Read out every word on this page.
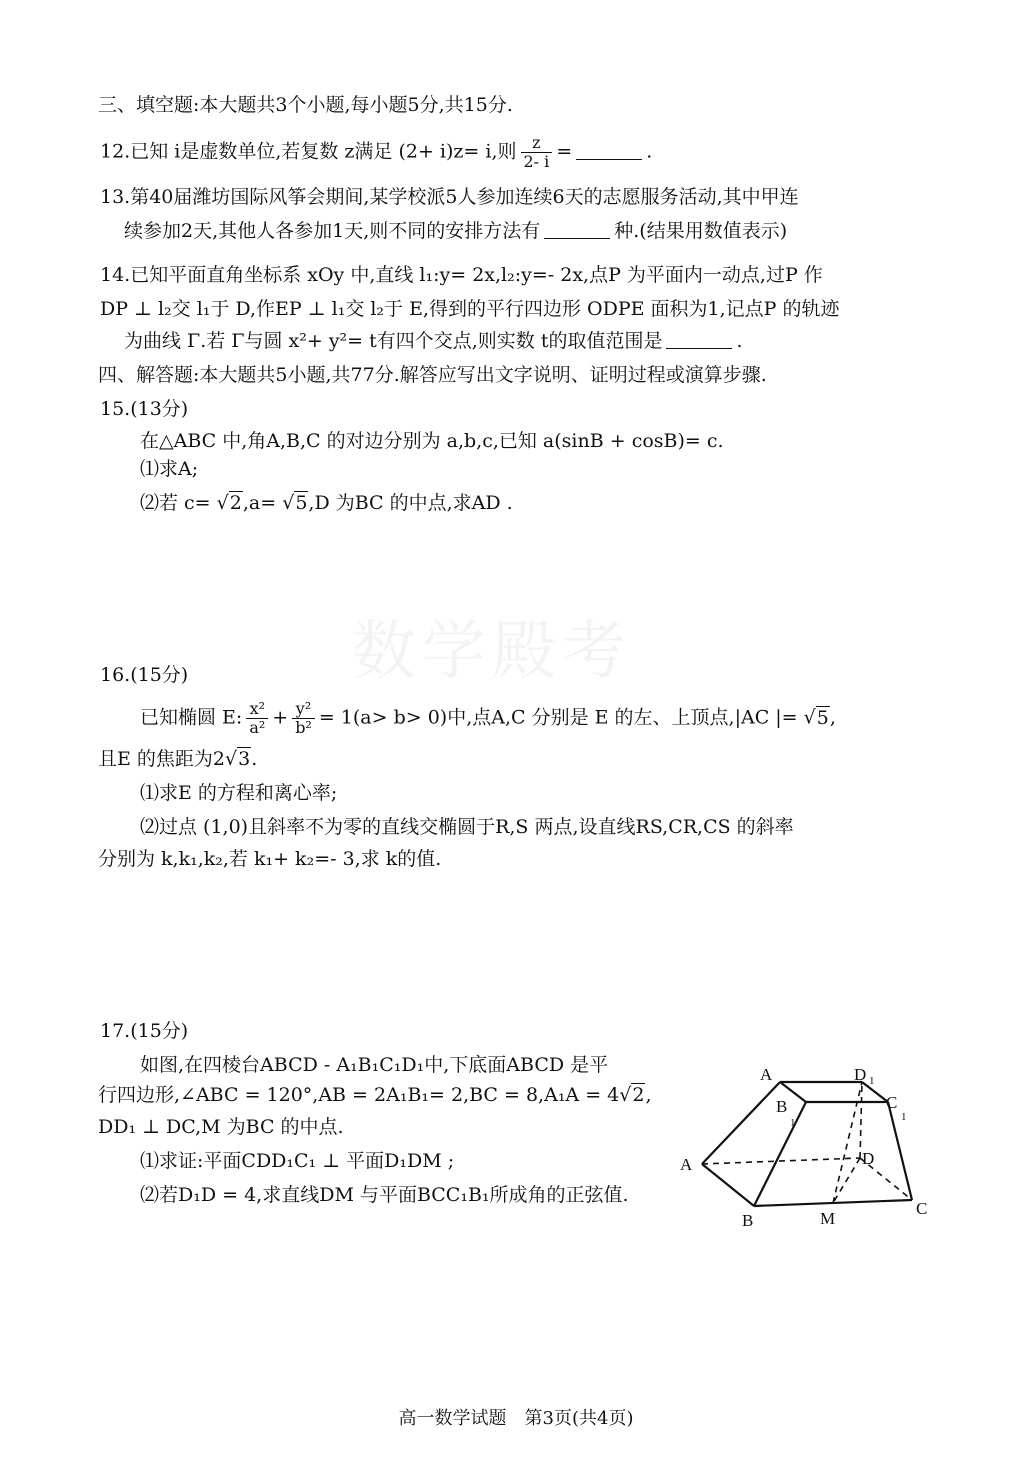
数学殿考
三、填空题:本大题共3个小题,每小题5分,共15分.
12.已知 i是虚数单位,若复数 z满足 (2+ i)z= i,则 $\frac{z}{2- i}$ =	.
13.第40届潍坊国际风筝会期间,某学校派5人参加连续6天的志愿服务活动,其中甲连
续参加2天,其他人各参加1天,则不同的安排方法有	种.(结果用数值表示)
14.已知平面直角坐标系 xOy 中,直线 l₁:y= 2x,l₂:y=- 2x,点P 为平面内一动点,过P 作
DP ⊥ l₂交 l₁于 D,作EP ⊥ l₁交 l₂于 E,得到的平行四边形 ODPE 面积为1,记点P 的轨迹
为曲线 Γ.若 Γ与圆 x²+ y²= t有四个交点,则实数 t的取值范围是	.
四、解答题:本大题共5小题,共77分.解答应写出文字说明、证明过程或演算步骤.
15.(13分)
在△ABC 中,角A,B,C 的对边分别为 a,b,c,已知 a(sinB + cosB)= c.
⑴求A;
⑵若 c= √2,a= √5,D 为BC 的中点,求AD .
16.(15分)
已知椭圆 E: $\frac{\text{x²}}{\text{a²}} + \frac{\text{y²}}{\text{b²}} = 1(a> b> 0)$中,点A,C 分别是 E 的左、上顶点,|AC |= √5,
且E 的焦距为2√3.
⑴求E 的方程和离心率;
⑵过点 (1,0)且斜率不为零的直线交椭圆于R,S 两点,设直线RS,CR,CS 的斜率
分别为 k,k₁,k₂,若 k₁+ k₂=- 3,求 k的值.
17.(15分)
如图,在四棱台ABCD - A₁B₁C₁D₁中,下底面ABCD 是平
行四边形,∠ABC = 120°,AB = 2A₁B₁= 2,BC = 8,A₁A = 4√2,
DD₁ ⊥ DC,M 为BC 的中点.
⑴求证:平面CDD₁C₁ ⊥ 平面D₁DM ;
⑵若D₁D = 4,求直线DM 与平面BCC₁B₁所成角的正弦值.
A	D 1
C
1
B
1
A	D
B	M
C
高一数学试题　第3页(共4页)
